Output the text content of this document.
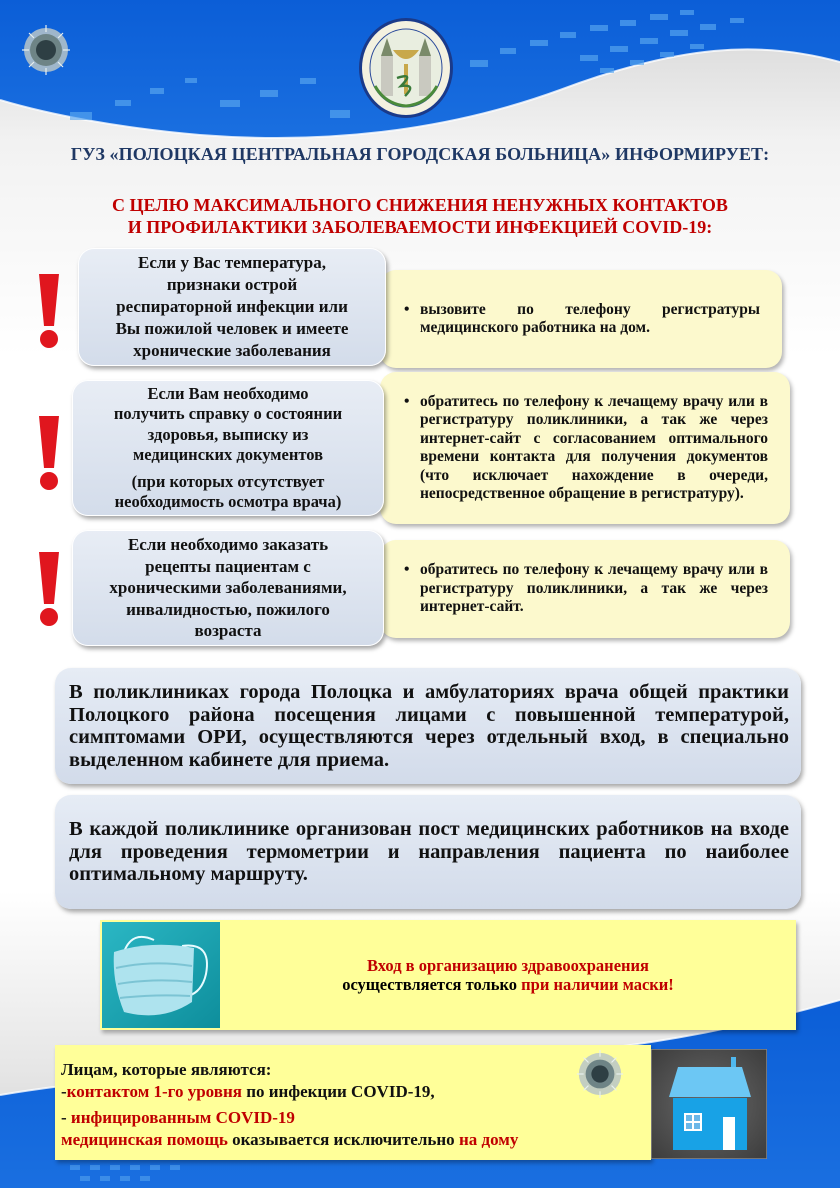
ГУЗ «ПОЛОЦКАЯ ЦЕНТРАЛЬНАЯ ГОРОДСКАЯ БОЛЬНИЦА» ИНФОРМИРУЕТ:
С ЦЕЛЮ МАКСИМАЛЬНОГО СНИЖЕНИЯ НЕНУЖНЫХ КОНТАКТОВ
И ПРОФИЛАКТИКИ ЗАБОЛЕВАЕМОСТИ ИНФЕКЦИЕЙ COVID-19:
• вызовите по телефону регистратуры медицинского работника на дом.
Если у Вас температура,
признаки острой
респираторной инфекции или
Вы пожилой человек и имеете
хронические заболевания
• обратитесь по телефону к лечащему врачу или в регистратуру поликлиники, а так же через интернет-сайт с согласованием оптимального времени контакта для получения документов (что исключает нахождение в очереди, непосредственное обращение в регистратуру).
Если Вам необходимо
получить справку о состоянии
здоровья, выписку из
медицинских документов
(при которых отсутствует
необходимость осмотра врача)
• обратитесь по телефону к лечащему врачу или в регистратуру поликлиники, а так же через интернет-сайт.
Если необходимо заказать
рецепты пациентам с
хроническими заболеваниями,
инвалидностью, пожилого
возраста
В поликлиниках города Полоцка и амбулаториях врача общей практики Полоцкого района посещения лицами с повышенной температурой, симптомами ОРИ, осуществляются через отдельный вход, в специально выделенном кабинете для приема.
В каждой поликлинике организован пост медицинских работников на входе для проведения термометрии и направления пациента по наиболее оптимальному маршруту.
Вход в организацию здравоохранения
осуществляется только при наличии маски!
Лицам, которые являются:
-контактом 1-го уровня по инфекции COVID-19,
- инфицированным COVID-19
медицинская помощь оказывается исключительно на дому
